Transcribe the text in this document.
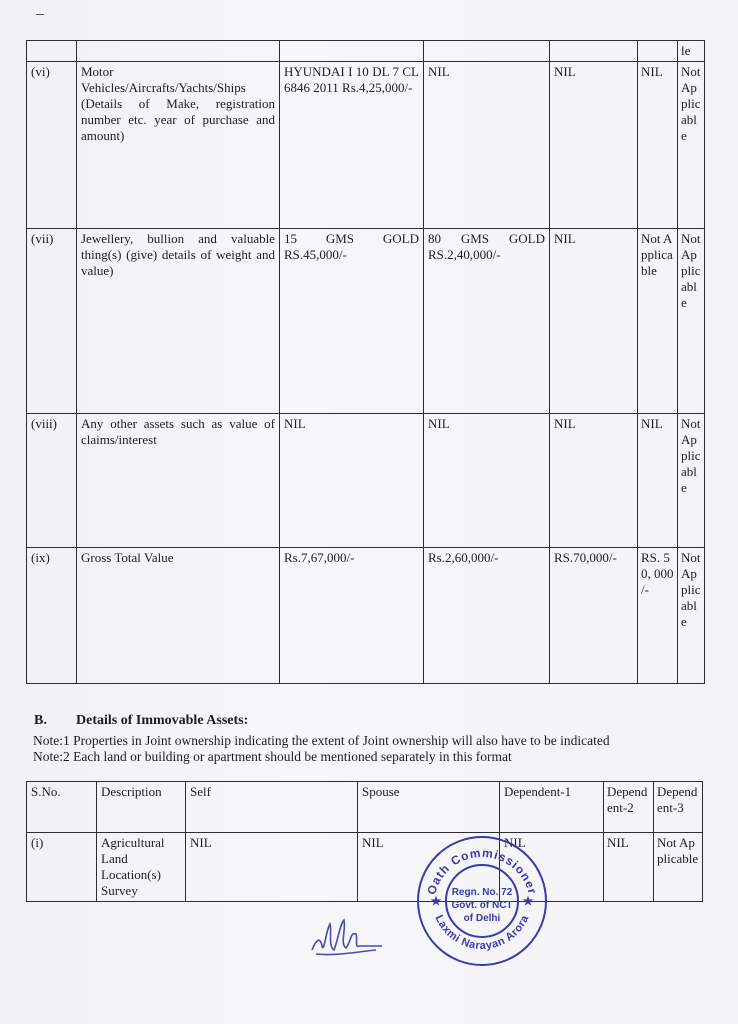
						le
(vi)	Motor Vehicles/Aircrafts/Yachts/Ships (Details of Make, registration number etc. year of purchase and amount)	HYUNDAI I 10 DL 7 CL 6846 2011 Rs.4,25,000/-	NIL	NIL	NIL	Not Applicable
(vii)	Jewellery, bullion and valuable thing(s) (give) details of weight and value)	15 GMS GOLD RS.45,000/-	80 GMS GOLD RS.2,40,000/-	NIL	Not Applicable	Not Applicable
(viii)	Any other assets such as value of claims/interest	NIL	NIL	NIL	NIL	Not Applicable
(ix)	Gross Total Value	Rs.7,67,000/-	Rs.2,60,000/-	RS.70,000/-	RS. 50, 000 /-	Not Applicable
B. Details of Immovable Assets:
Note:1 Properties in Joint ownership indicating the extent of Joint ownership will also have to be indicated
Note:2 Each land or building or apartment should be mentioned separately in this format
S.No.	Description	Self	Spouse	Dependent-1	Dependent-2	Dependent-3
(i)	Agricultural Land Location(s) Survey	NIL	NIL	NIL	NIL	Not Applicable
Oath Commissioner
Laxmi Narayan Arora
Regn. No. 72
Govt. of NCT
of Delhi
★	★
